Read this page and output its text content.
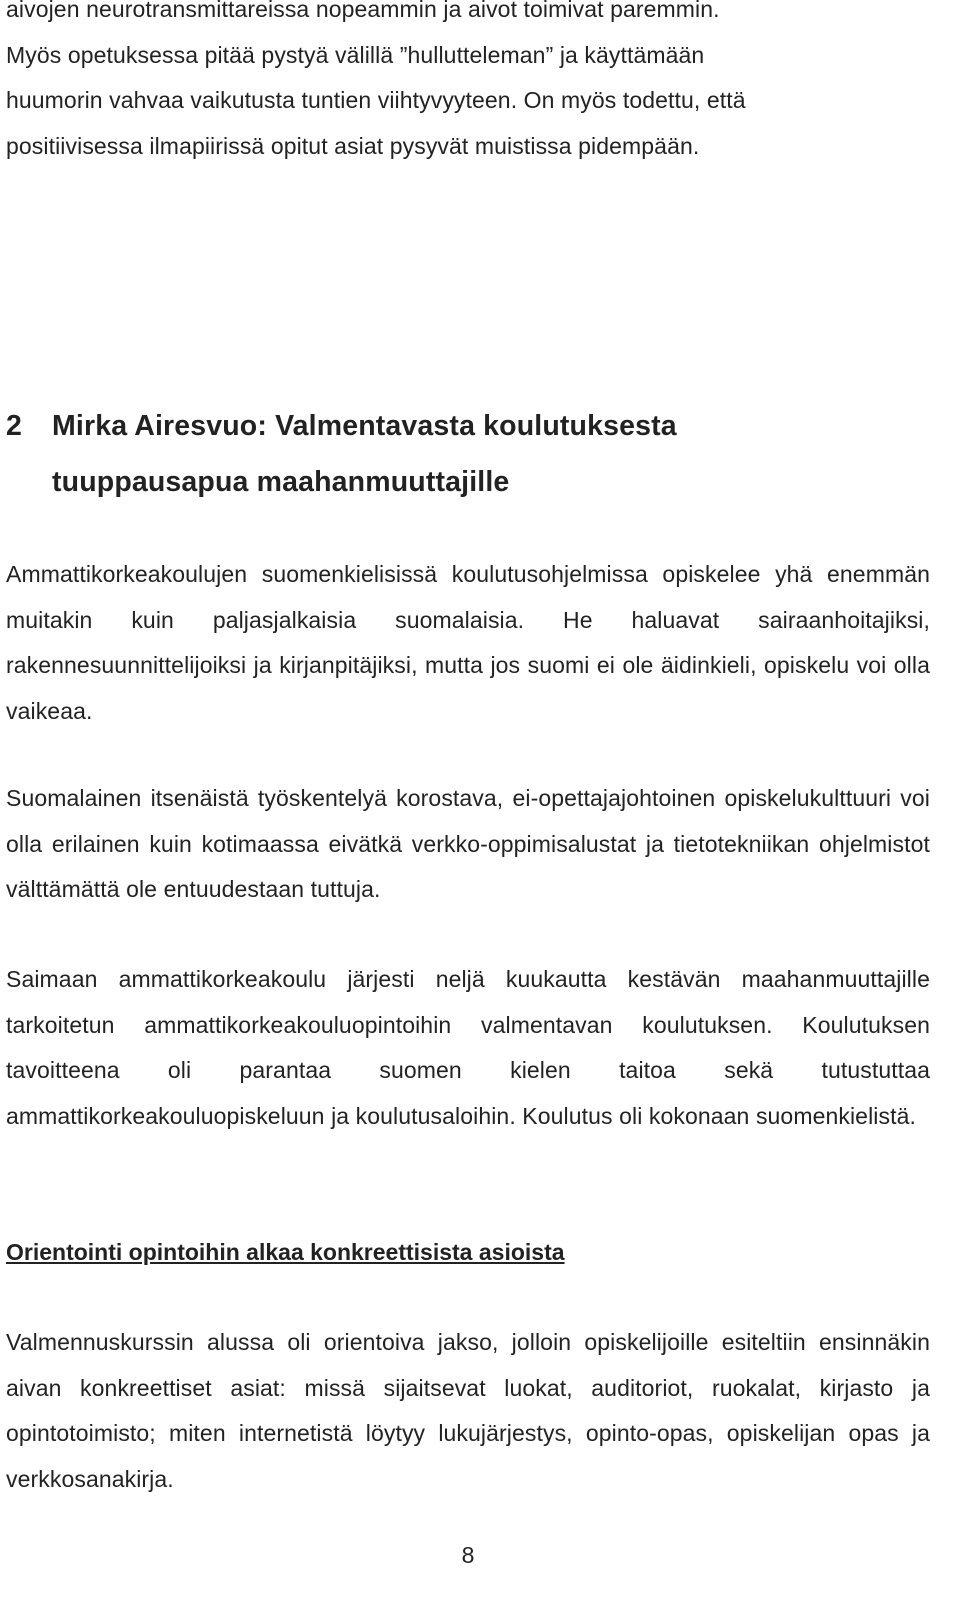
aivojen neurotransmittareissa nopeammin ja aivot toimivat paremmin.
Myös opetuksessa pitää pystyä välillä ”hullutteleman” ja käyttämään
huumorin vahvaa vaikutusta tuntien viihtyvyyteen. On myös todettu, että
positiivisessa ilmapiirissä opitut asiat pysyvät muistissa pidempään.

2 Mirka Airesvuo: Valmentavasta koulutuksesta
tuuppausapua maahanmuuttajille

Ammattikorkeakoulujen suomenkielisissä koulutusohjelmissa opiskelee yhä enemmän muitakin kuin paljasjalkaisia suomalaisia. He haluavat sairaanhoitajiksi, rakennesuunnittelijoiksi ja kirjanpitäjiksi, mutta jos suomi ei ole äidinkieli, opiskelu voi olla vaikeaa.

Suomalainen itsenäistä työskentelyä korostava, ei-opettajajohtoinen opiskelukulttuuri voi olla erilainen kuin kotimaassa eivätkä verkko-oppimisalustat ja tietotekniikan ohjelmistot välttämättä ole entuudestaan tuttuja.

Saimaan ammattikorkeakoulu järjesti neljä kuukautta kestävän maahanmuuttajille tarkoitetun ammattikorkeakouluopintoihin valmentavan koulutuksen. Koulutuksen tavoitteena oli parantaa suomen kielen taitoa sekä tutustuttaa ammattikorkeakouluopiskeluun ja koulutusaloihin. Koulutus oli kokonaan suomenkielistä.

Orientointi opintoihin alkaa konkreettisista asioista

Valmennuskurssin alussa oli orientoiva jakso, jolloin opiskelijoille esiteltiin ensinnäkin aivan konkreettiset asiat: missä sijaitsevat luokat, auditoriot, ruokalat, kirjasto ja opintotoimisto; miten internetistä löytyy lukujärjestys, opinto-opas, opiskelijan opas ja verkkosanakirja.

8
